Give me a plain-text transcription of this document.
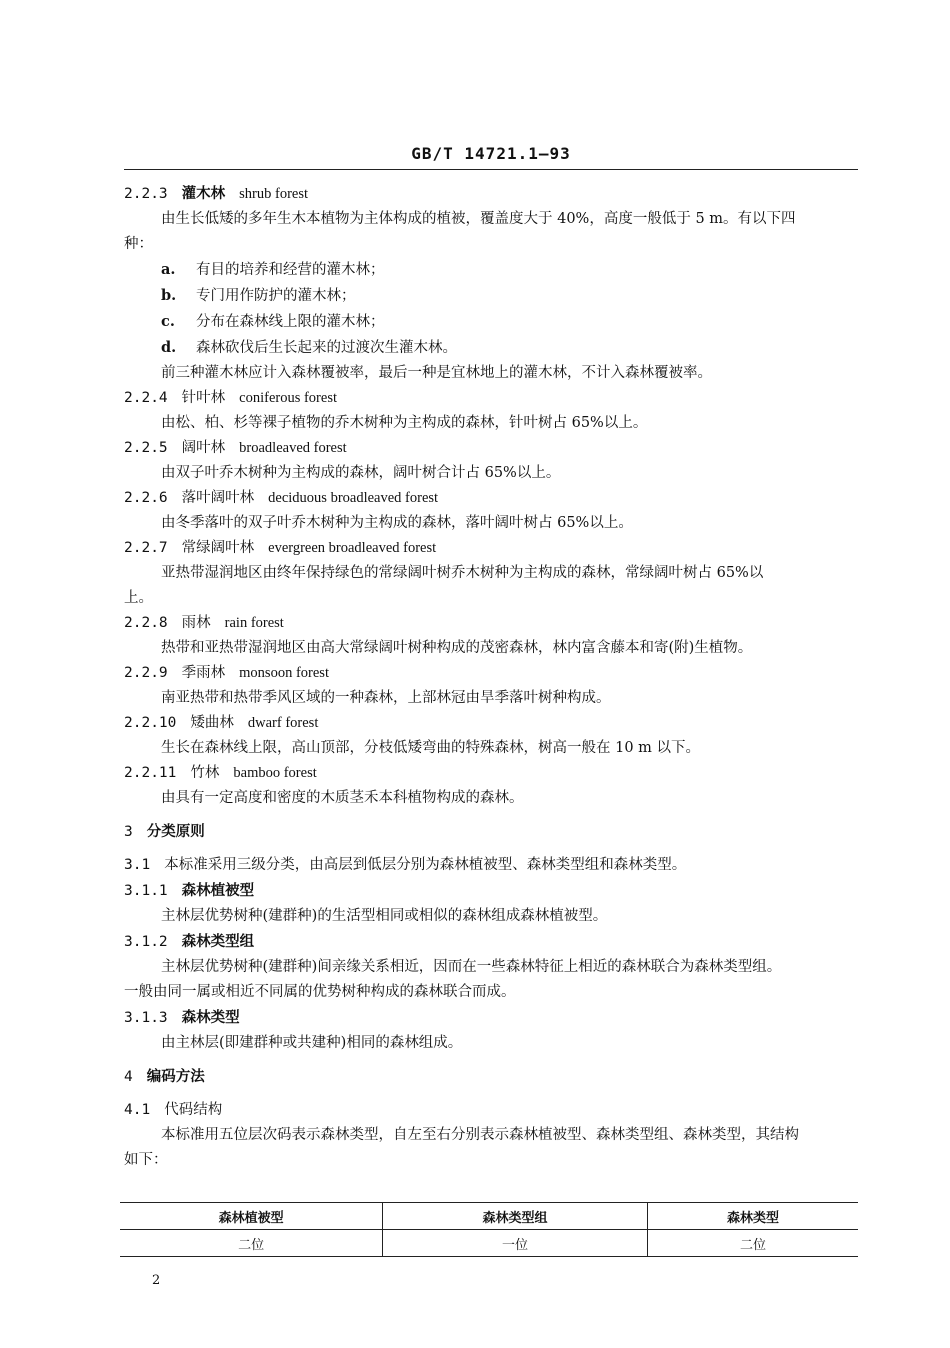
GB/T 14721.1—93
2.2.3 灌木林 shrub forest
由生长低矮的多年生木本植物为主体构成的植被，覆盖度大于 40%，高度一般低于 5 m。有以下四
种：
a. 有目的培养和经营的灌木林；
b. 专门用作防护的灌木林；
c. 分布在森林线上限的灌木林；
d. 森林砍伐后生长起来的过渡次生灌木林。
前三种灌木林应计入森林覆被率，最后一种是宜林地上的灌木林，不计入森林覆被率。
2.2.4 针叶林 coniferous forest
由松、柏、杉等裸子植物的乔木树种为主构成的森林，针叶树占 65%以上。
2.2.5 阔叶林 broadleaved forest
由双子叶乔木树种为主构成的森林，阔叶树合计占 65%以上。
2.2.6 落叶阔叶林 deciduous broadleaved forest
由冬季落叶的双子叶乔木树种为主构成的森林，落叶阔叶树占 65%以上。
2.2.7 常绿阔叶林 evergreen broadleaved forest
亚热带湿润地区由终年保持绿色的常绿阔叶树乔木树种为主构成的森林，常绿阔叶树占 65%以
上。
2.2.8 雨林 rain forest
热带和亚热带湿润地区由高大常绿阔叶树种构成的茂密森林，林内富含藤本和寄(附)生植物。
2.2.9 季雨林 monsoon forest
南亚热带和热带季风区域的一种森林，上部林冠由旱季落叶树种构成。
2.2.10 矮曲林 dwarf forest
生长在森林线上限，高山顶部，分枝低矮弯曲的特殊森林，树高一般在 10 m 以下。
2.2.11 竹林 bamboo forest
由具有一定高度和密度的木质茎禾本科植物构成的森林。
3 分类原则
3.1 本标准采用三级分类，由高层到低层分别为森林植被型、森林类型组和森林类型。
3.1.1 森林植被型
主林层优势树种(建群种)的生活型相同或相似的森林组成森林植被型。
3.1.2 森林类型组
主林层优势树种(建群种)间亲缘关系相近，因而在一些森林特征上相近的森林联合为森林类型组。
一般由同一属或相近不同属的优势树种构成的森林联合而成。
3.1.3 森林类型
由主林层(即建群种或共建种)相同的森林组成。
4 编码方法
4.1 代码结构
本标准用五位层次码表示森林类型，自左至右分别表示森林植被型、森林类型组、森林类型，其结构
如下：
森林植被型	森林类型组	森林类型
二位	一位	二位
2
